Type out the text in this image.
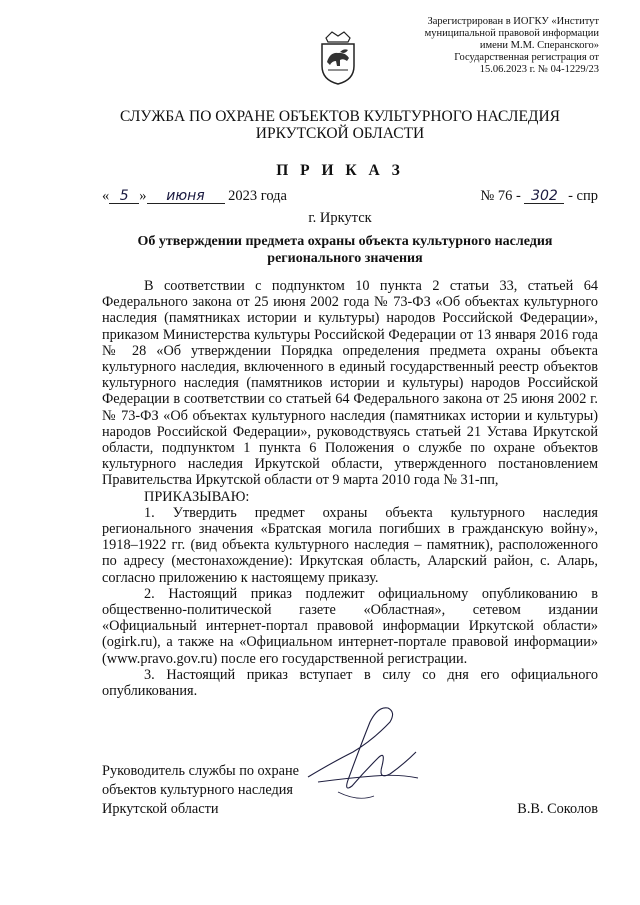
Зарегистрирован в ИОГКУ «Институт
муниципальной правовой информации
имени М.М. Сперанского»
Государственная регистрация от
15.06.2023 г. № 04-1229/23
СЛУЖБА ПО ОХРАНЕ ОБЪЕКТОВ КУЛЬТУРНОГО НАСЛЕДИЯ
ИРКУТСКОЙ ОБЛАСТИ
П Р И К А З
« 5 » июня 2023 года	№ 76 - 302 - спр
г. Иркутск
Об утверждении предмета охраны объекта культурного наследия
регионального значения

В соответствии с подпунктом 10 пункта 2 статьи 33, статьей 64 Федерального закона от 25 июня 2002 года № 73-ФЗ «Об объектах культурного наследия (памятниках истории и культуры) народов Российской Федерации», приказом Министерства культуры Российской Федерации от 13 января 2016 года № 28 «Об утверждении Порядка определения предмета охраны объекта культурного наследия, включенного в единый государственный реестр объектов культурного наследия (памятников истории и культуры) народов Российской Федерации в соответствии со статьей 64 Федерального закона от 25 июня 2002 г. № 73-ФЗ «Об объектах культурного наследия (памятниках истории и культуры) народов Российской Федерации», руководствуясь статьей 21 Устава Иркутской области, подпунктом 1 пункта 6 Положения о службе по охране объектов культурного наследия Иркутской области, утвержденного постановлением Правительства Иркутской области от 9 марта 2010 года № 31-пп,

ПРИКАЗЫВАЮ:

1. Утвердить предмет охраны объекта культурного наследия регионального значения «Братская могила погибших в гражданскую войну», 1918–1922 гг. (вид объекта культурного наследия – памятник), расположенного по адресу (местонахождение): Иркутская область, Аларский район, с. Аларь, согласно приложению к настоящему приказу.

2. Настоящий приказ подлежит официальному опубликованию в общественно-политической газете «Областная», сетевом издании «Официальный интернет-портал правовой информации Иркутской области» (ogirk.ru), а также на «Официальном интернет-портале правовой информации» (www.pravo.gov.ru) после его государственной регистрации.

3. Настоящий приказ вступает в силу со дня его официального опубликования.

Руководитель службы по охране
объектов культурного наследия
Иркутской области	В.В. Соколов
